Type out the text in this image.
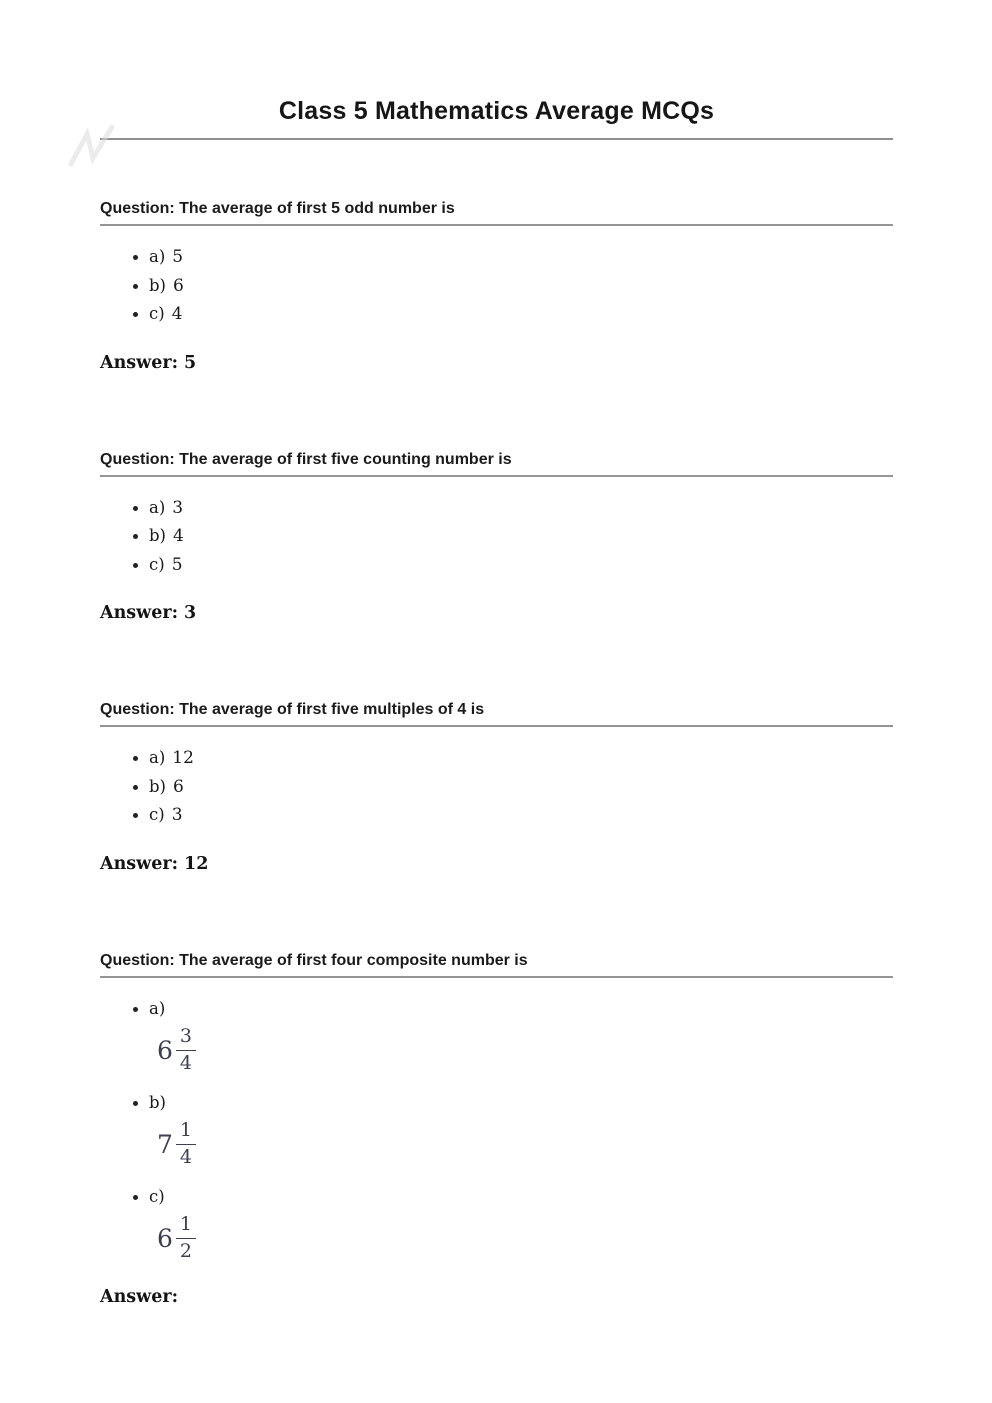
Class 5 Mathematics Average MCQs
Question: The average of first 5 odd number is
• a) 5
• b) 6
• c) 4

Answer: 5

Question: The average of first five counting number is
• a) 3
• b) 4
• c) 5

Answer: 3

Question: The average of first five multiples of 4 is
• a) 12
• b) 6
• c) 3

Answer: 12

Question: The average of first four composite number is
• a)
$6 \frac{3}{4}$
• b)
$7 \frac{1}{4}$
• c)
$6 \frac{1}{2}$

Answer:
